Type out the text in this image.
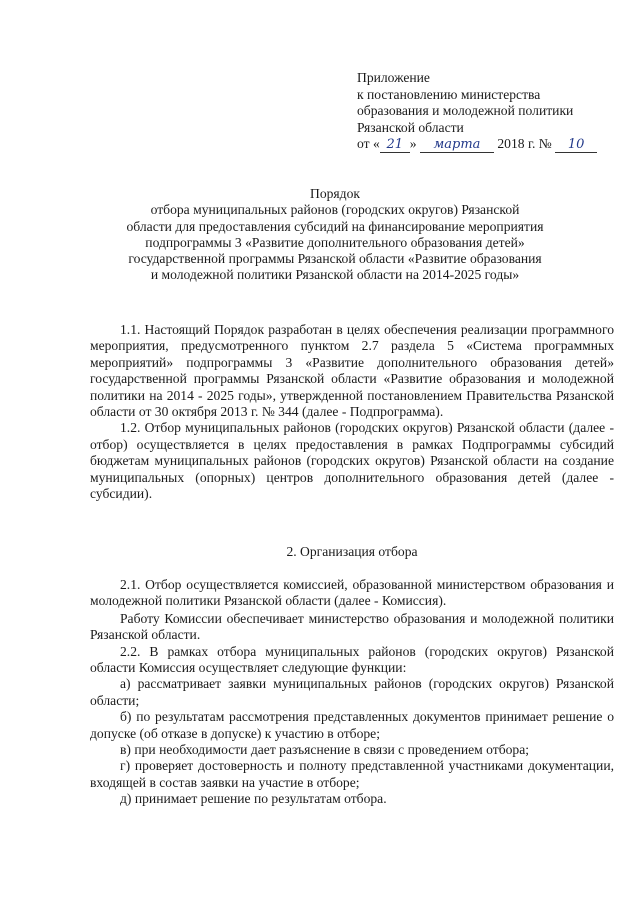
Приложение
к постановлению министерства
образования и молодежной политики
Рязанской области
от « 21 » марта 2018 г. № 10
Порядок
отбора муниципальных районов (городских округов) Рязанской
области для предоставления субсидий на финансирование мероприятия
подпрограммы 3 «Развитие дополнительного образования детей»
государственной программы Рязанской области «Развитие образования
и молодежной политики Рязанской области на 2014-2025 годы»

1.1. Настоящий Порядок разработан в целях обеспечения реализации программного мероприятия, предусмотренного пунктом 2.7 раздела 5 «Система программных мероприятий» подпрограммы 3 «Развитие дополнительного образования детей» государственной программы Рязанской области «Развитие образования и молодежной политики на 2014 - 2025 годы», утвержденной постановлением Правительства Рязанской области от 30 октября 2013 г. № 344 (далее - Подпрограмма).

1.2. Отбор муниципальных районов (городских округов) Рязанской области (далее - отбор) осуществляется в целях предоставления в рамках Подпрограммы субсидий бюджетам муниципальных районов (городских округов) Рязанской области на создание муниципальных (опорных) центров дополнительного образования детей (далее - субсидии).

2. Организация отбора

2.1. Отбор осуществляется комиссией, образованной министерством образования и молодежной политики Рязанской области (далее - Комиссия).

Работу Комиссии обеспечивает министерство образования и молодежной политики Рязанской области.

2.2. В рамках отбора муниципальных районов (городских округов) Рязанской области Комиссия осуществляет следующие функции:

а) рассматривает заявки муниципальных районов (городских округов) Рязанской области;

б) по результатам рассмотрения представленных документов принимает решение о допуске (об отказе в допуске) к участию в отборе;

в) при необходимости дает разъяснение в связи с проведением отбора;

г) проверяет достоверность и полноту представленной участниками документации, входящей в состав заявки на участие в отборе;

д) принимает решение по результатам отбора.
